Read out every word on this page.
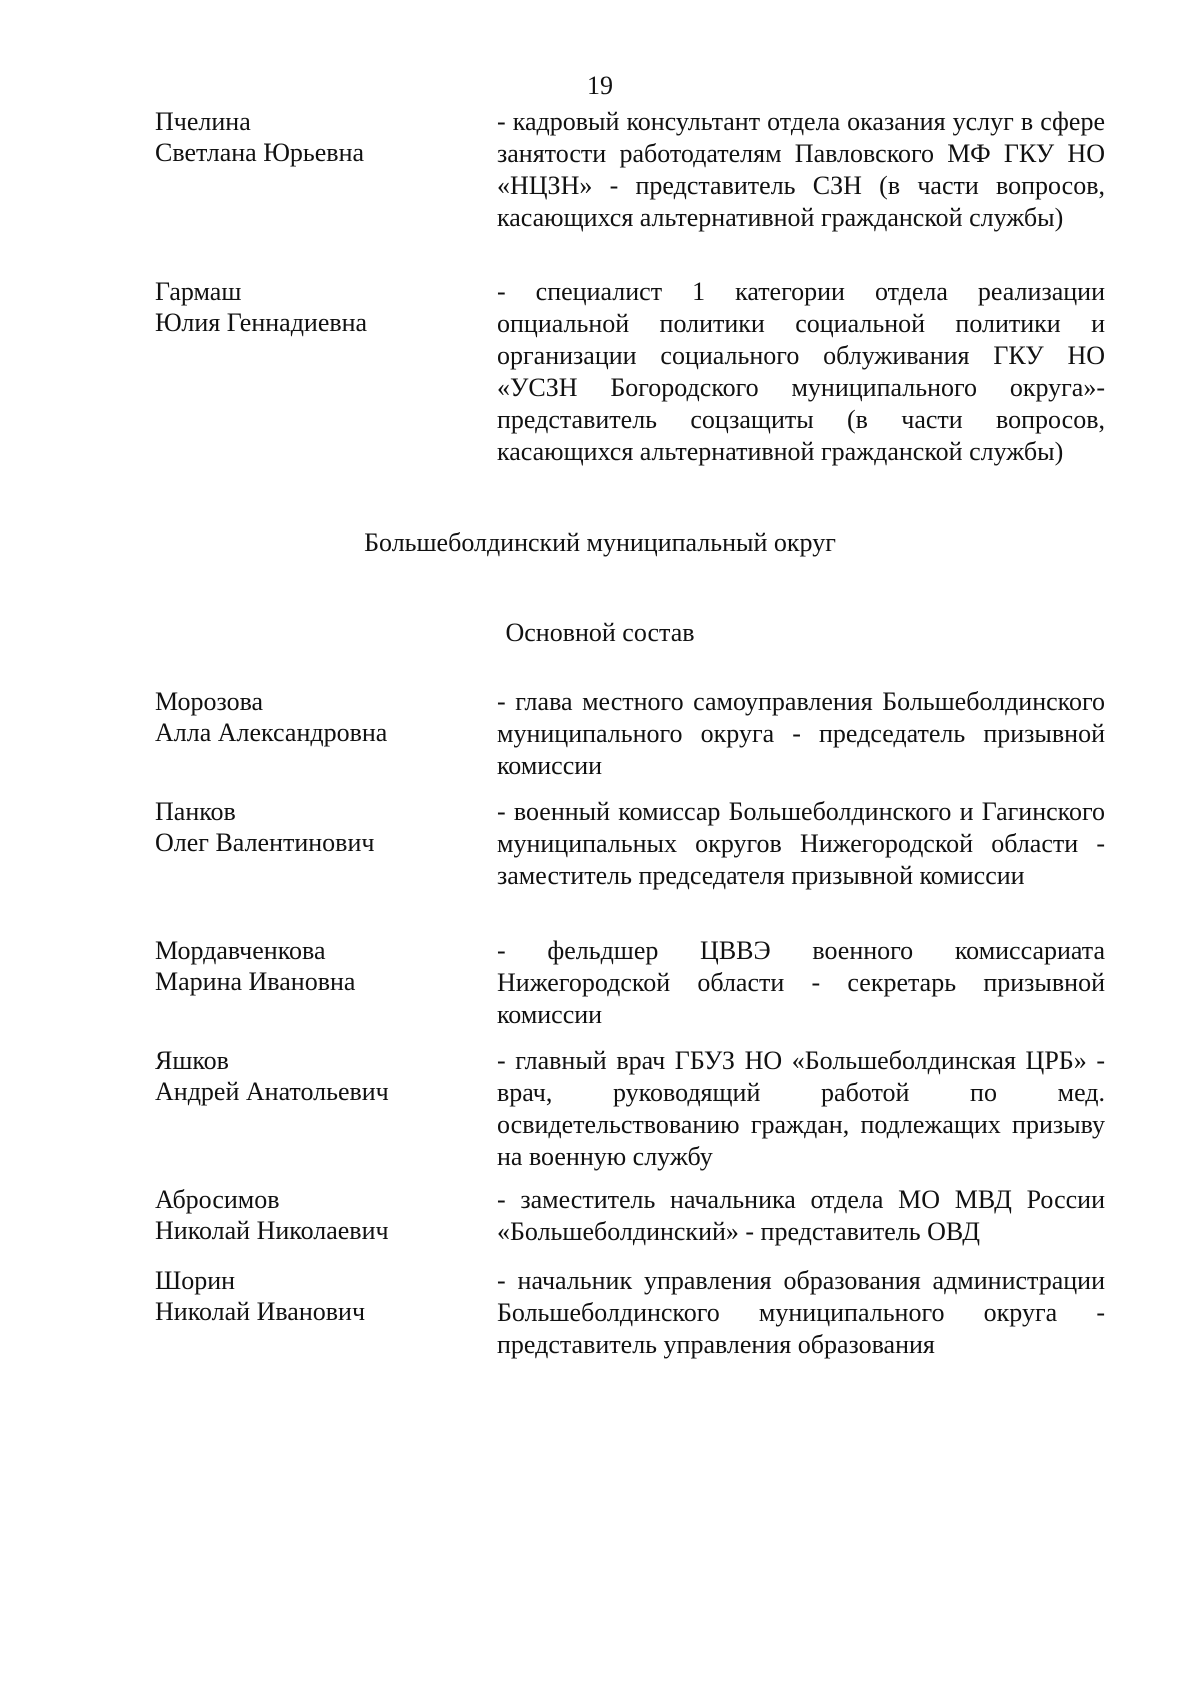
19
Пчелина
Светлана Юрьевна
- кадровый консультант отдела оказания услуг в сфере занятости работодателям Павловского МФ ГКУ НО «НЦЗН» - представитель СЗН (в части вопросов, касающихся альтернативной гражданской службы)
Гармаш
Юлия Геннадиевна
- специалист 1 категории отдела реализации опциальной политики социальной политики и организации социального облуживания ГКУ НО «УСЗН Богородского муниципального округа»- представитель соцзащиты (в части вопросов, касающихся альтернативной гражданской службы)
Большеболдинский муниципальный округ
Основной состав
Морозова
Алла Александровна
- глава местного самоуправления Большеболдинского муниципального округа - председатель призывной комиссии
Панков
Олег Валентинович
- военный комиссар Большеболдинского и Гагинского муниципальных округов Нижегородской области - заместитель председателя призывной комиссии
Мордавченкова
Марина Ивановна
- фельдшер ЦВВЭ военного комиссариата Нижегородской области - секретарь призывной комиссии
Яшков
Андрей Анатольевич
- главный врач ГБУЗ НО «Большеболдинская ЦРБ» - врач, руководящий работой по мед. освидетельствованию граждан, подлежащих призыву на военную службу
Абросимов
Николай Николаевич
- заместитель начальника отдела МО МВД России «Большеболдинский» - представитель ОВД
Шорин
Николай Иванович
- начальник управления образования администрации Большеболдинского муниципального округа - представитель управления образования
